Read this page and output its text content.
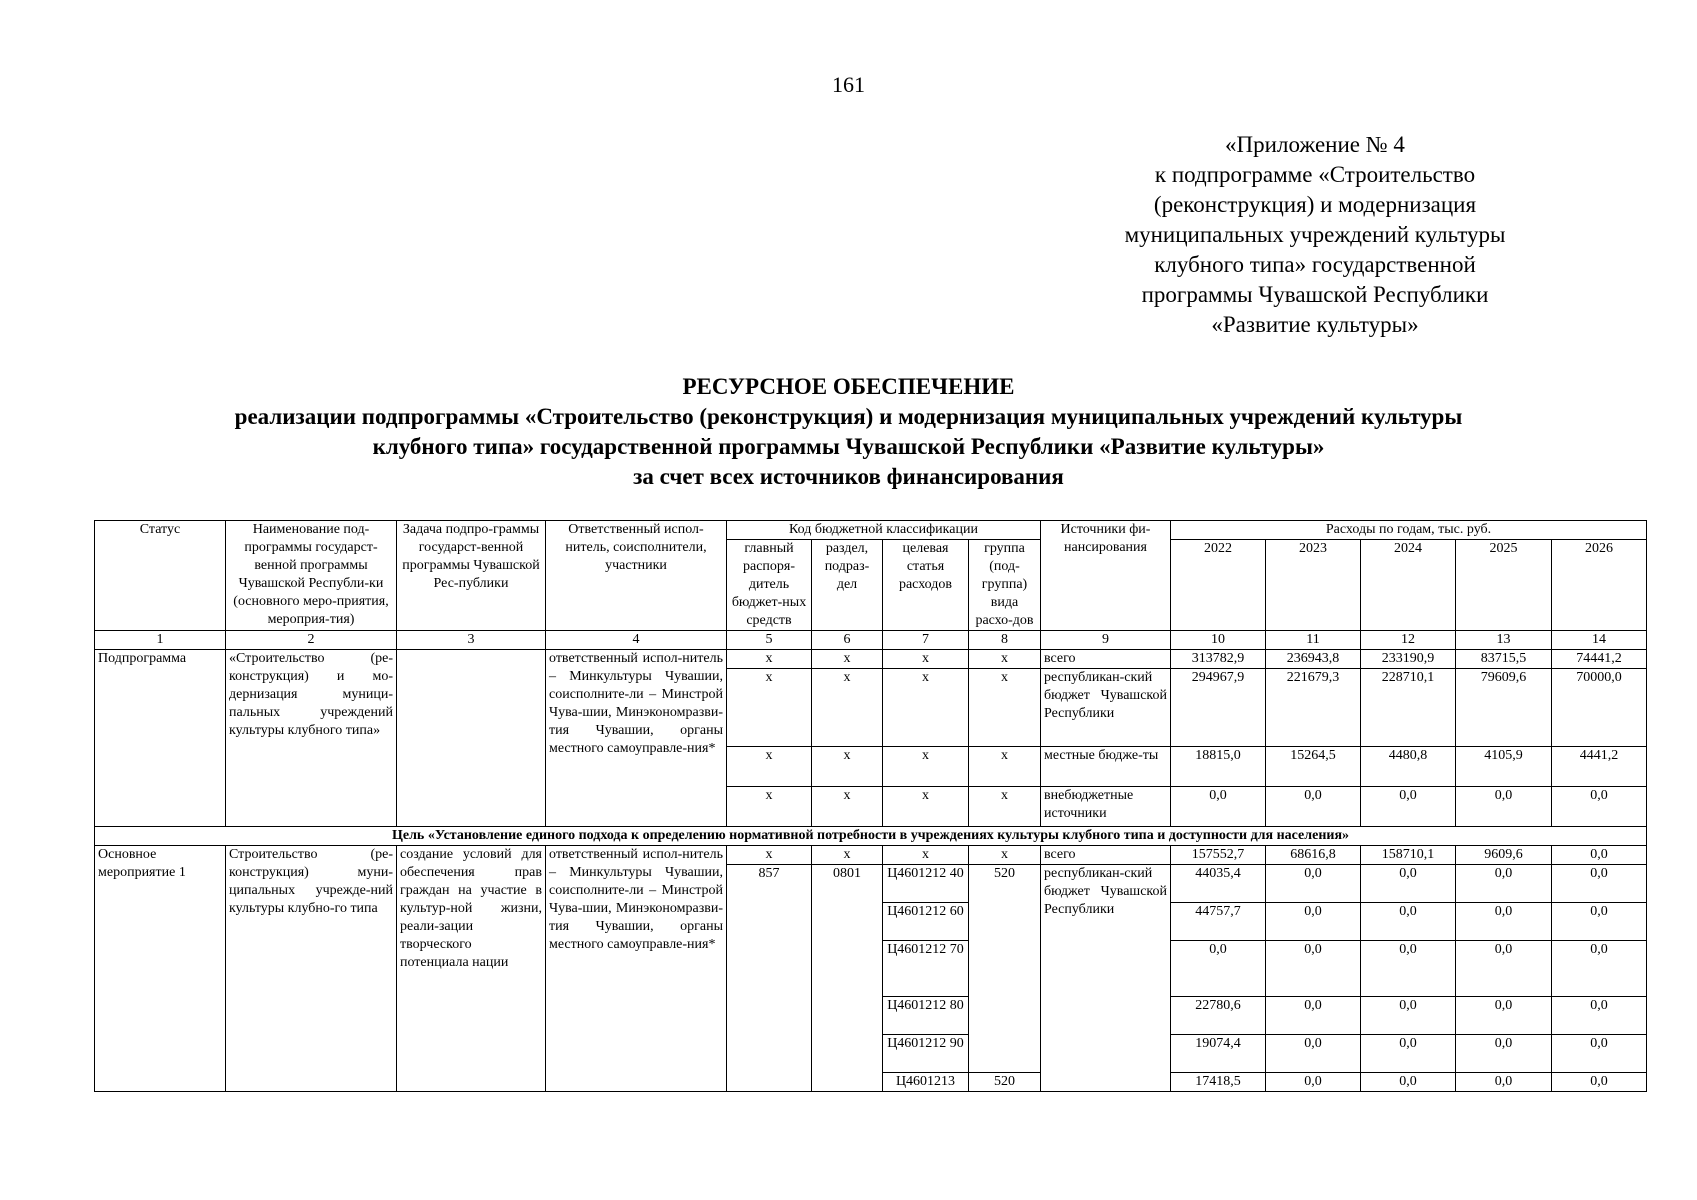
161
«Приложение № 4
к подпрограмме «Строительство
(реконструкция) и модернизация
муниципальных учреждений культуры
клубного типа» государственной
программы Чувашской Республики
«Развитие культуры»
РЕСУРСНОЕ ОБЕСПЕЧЕНИЕ
реализации подпрограммы «Строительство (реконструкция) и модернизация муниципальных учреждений культуры
клубного типа» государственной программы Чувашской Республики «Развитие культуры»
за счет всех источников финансирования
Статус	Наименование под-программы государст-венной программы Чувашской Республи-ки (основного меро-приятия, мероприя-тия)	Задача подпро-граммы государст-венной программы Чувашской Рес-публики	Ответственный испол-нитель, соисполнители, участники	Код бюджетной классификации				Источники фи-нансирования	Расходы по годам, тыс. руб.				
				главный распоря-дитель бюджет-ных средств	раздел, подраз-дел	целевая статья расходов	группа (под-группа) вида расхо-дов		2022	2023	2024	2025	2026
1	2	3	4	5	6	7	8	9	10	11	12	13	14
Подпрограмма	«Строительство (ре-конструкция) и мо-дернизация муници-пальных учреждений культуры клубного типа»		ответственный испол-нитель – Минкультуры Чувашии, соисполните-ли – Минстрой Чува-шии, Минэкономразви-тия Чувашии, органы местного самоуправле-ния*	x	x	x	x	всего	313782,9	236943,8	233190,9	83715,5	74441,2
				x	x	x	x	республикан-ский бюджет Чувашской Республики	294967,9	221679,3	228710,1	79609,6	70000,0
				x	x	x	x	местные бюдже-ты	18815,0	15264,5	4480,8	4105,9	4441,2
				x	x	x	x	внебюджетные источники	0,0	0,0	0,0	0,0	0,0
Цель «Установление единого подхода к определению нормативной потребности в учреждениях культуры клубного типа и доступности для населения»													
Основное мероприятие 1	Строительство (ре-конструкция) муни-ципальных учрежде-ний культуры клубно-го типа	создание условий для обеспечения прав граждан на участие в культур-ной жизни, реали-зации творческого потенциала нации	ответственный испол-нитель – Минкультуры Чувашии, соисполните-ли – Минстрой Чува-шии, Минэкономразви-тия Чувашии, органы местного самоуправле-ния*	x	x	x	x	всего	157552,7	68616,8	158710,1	9609,6	0,0
				857	0801	Ц4601212 40	520	республикан-ский бюджет Чувашской Республики	44035,4	0,0	0,0	0,0	0,0
						Ц4601212 60			44757,7	0,0	0,0	0,0	0,0
						Ц4601212 70			0,0	0,0	0,0	0,0	0,0
						Ц4601212 80			22780,6	0,0	0,0	0,0	0,0
						Ц4601212 90			19074,4	0,0	0,0	0,0	0,0
						Ц4601213	520		17418,5	0,0	0,0	0,0	0,0
